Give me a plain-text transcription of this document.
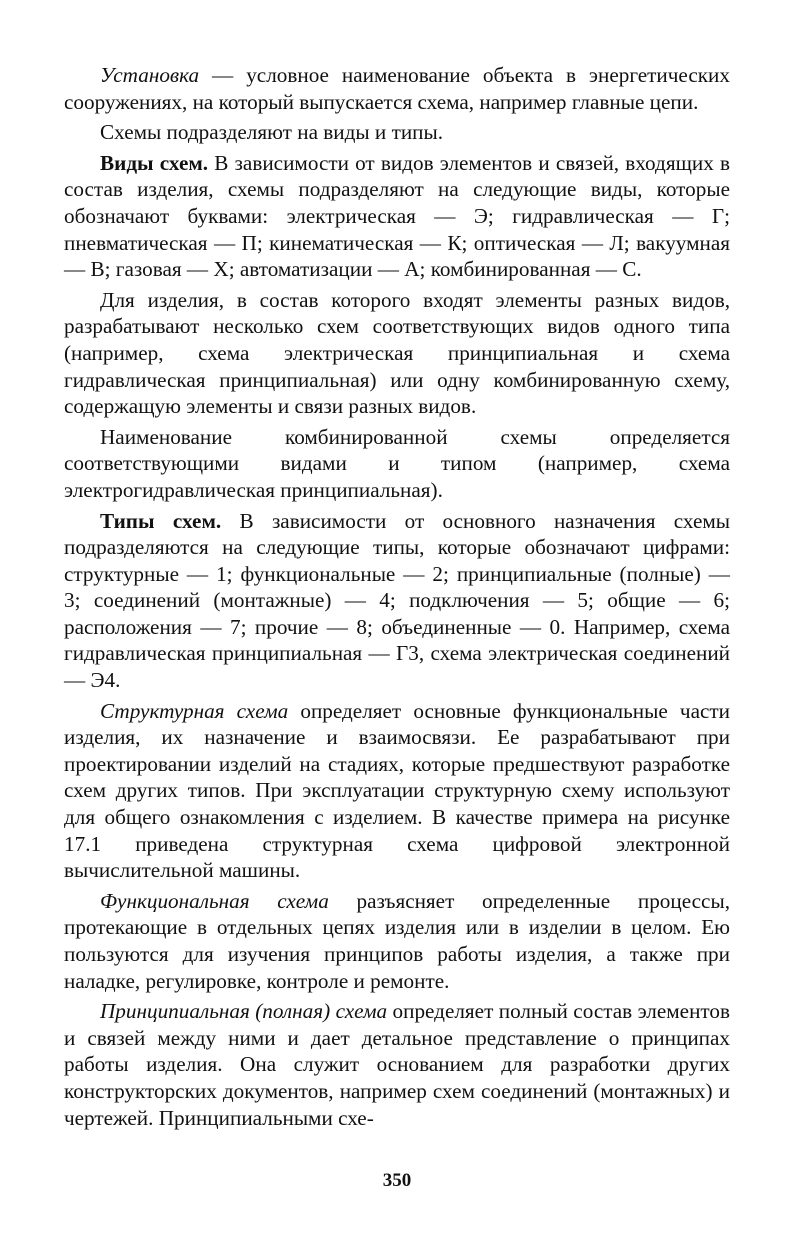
Установка — условное наименование объекта в энергетических сооружениях, на который выпускается схема, например главные цепи.

Схемы подразделяют на виды и типы.

Виды схем. В зависимости от видов элементов и связей, входящих в состав изделия, схемы подразделяют на следующие виды, которые обозначают буквами: электрическая — Э; гидравлическая — Г; пневматическая — П; кинематическая — К; оптическая — Л; вакуумная — В; газовая — Х; автоматизации — А; комбинированная — С.

Для изделия, в состав которого входят элементы разных видов, разрабатывают несколько схем соответствующих видов одного типа (например, схема электрическая принципиальная и схема гидравлическая принципиальная) или одну комбинированную схему, содержащую элементы и связи разных видов.

Наименование комбинированной схемы определяется соответствующими видами и типом (например, схема электрогидравлическая принципиальная).

Типы схем. В зависимости от основного назначения схемы подразделяются на следующие типы, которые обозначают цифрами: структурные — 1; функциональные — 2; принципиальные (полные) — 3; соединений (монтажные) — 4; подключения — 5; общие — 6; расположения — 7; прочие — 8; объединенные — 0. Например, схема гидравлическая принципиальная — Г3, схема электрическая соединений — Э4.

Структурная схема определяет основные функциональные части изделия, их назначение и взаимосвязи. Ее разрабатывают при проектировании изделий на стадиях, которые предшествуют разработке схем других типов. При эксплуатации структурную схему используют для общего ознакомления с изделием. В качестве примера на рисунке 17.1 приведена структурная схема цифровой электронной вычислительной машины.

Функциональная схема разъясняет определенные процессы, протекающие в отдельных цепях изделия или в изделии в целом. Ею пользуются для изучения принципов работы изделия, а также при наладке, регулировке, контроле и ремонте.

Принципиальная (полная) схема определяет полный состав элементов и связей между ними и дает детальное представление о принципах работы изделия. Она служит основанием для разработки других конструкторских документов, например схем соединений (монтажных) и чертежей. Принципиальными схе-

350
